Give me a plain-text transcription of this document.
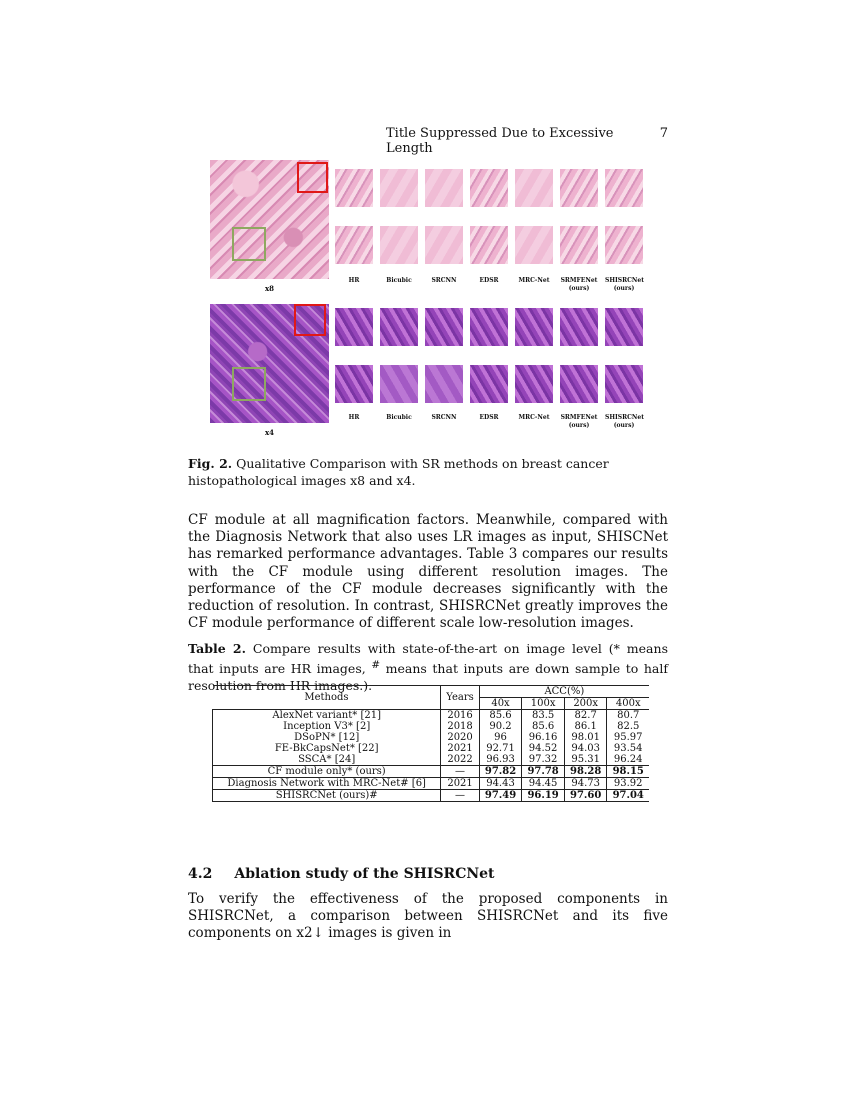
Title Suppressed Due to Excessive Length
7
x8
HR	Bicubic	SRCNN	EDSR	MRC-Net	SRMFENet
(ours)
SHISRCNet
(ours)
x4
HR	Bicubic	SRCNN	EDSR	MRC-Net	SRMFENet
(ours)
SHISRCNet
(ours)
Fig. 2. Qualitative Comparison with SR methods on breast cancer histopathological images x8 and x4.
CF module at all magnification factors. Meanwhile, compared with the Diagnosis Network that also uses LR images as input, SHISCNet has remarked performance advantages. Table 3 compares our results with the CF module using different resolution images. The performance of the CF module decreases significantly with the reduction of resolution. In contrast, SHISRCNet greatly improves the CF module performance of different scale low-resolution images.
Table 2. Compare results with state-of-the-art on image level (* means that inputs are HR images, # means that inputs are down sample to half resolution from HR images.).
Methods	Years	ACC(%)			
		40x	100x	200x	400x
AlexNet variant* [21]	2016	85.6	83.5	82.7	80.7
Inception V3* [2]	2018	90.2	85.6	86.1	82.5
DSoPN* [12]	2020	96	96.16	98.01	95.97
FE-BkCapsNet* [22]	2021	92.71	94.52	94.03	93.54
SSCA* [24]	2022	96.93	97.32	95.31	96.24
CF module only* (ours)	—	97.82	97.78	98.28	98.15
Diagnosis Network with MRC-Net# [6]	2021	94.43	94.45	94.73	93.92
SHISRCNet (ours)#	—	97.49	96.19	97.60	97.04
4.2 Ablation study of the SHISRCNet
To verify the effectiveness of the proposed components in SHISRCNet, a comparison between SHISRCNet and its five components on x2↓ images is given in
